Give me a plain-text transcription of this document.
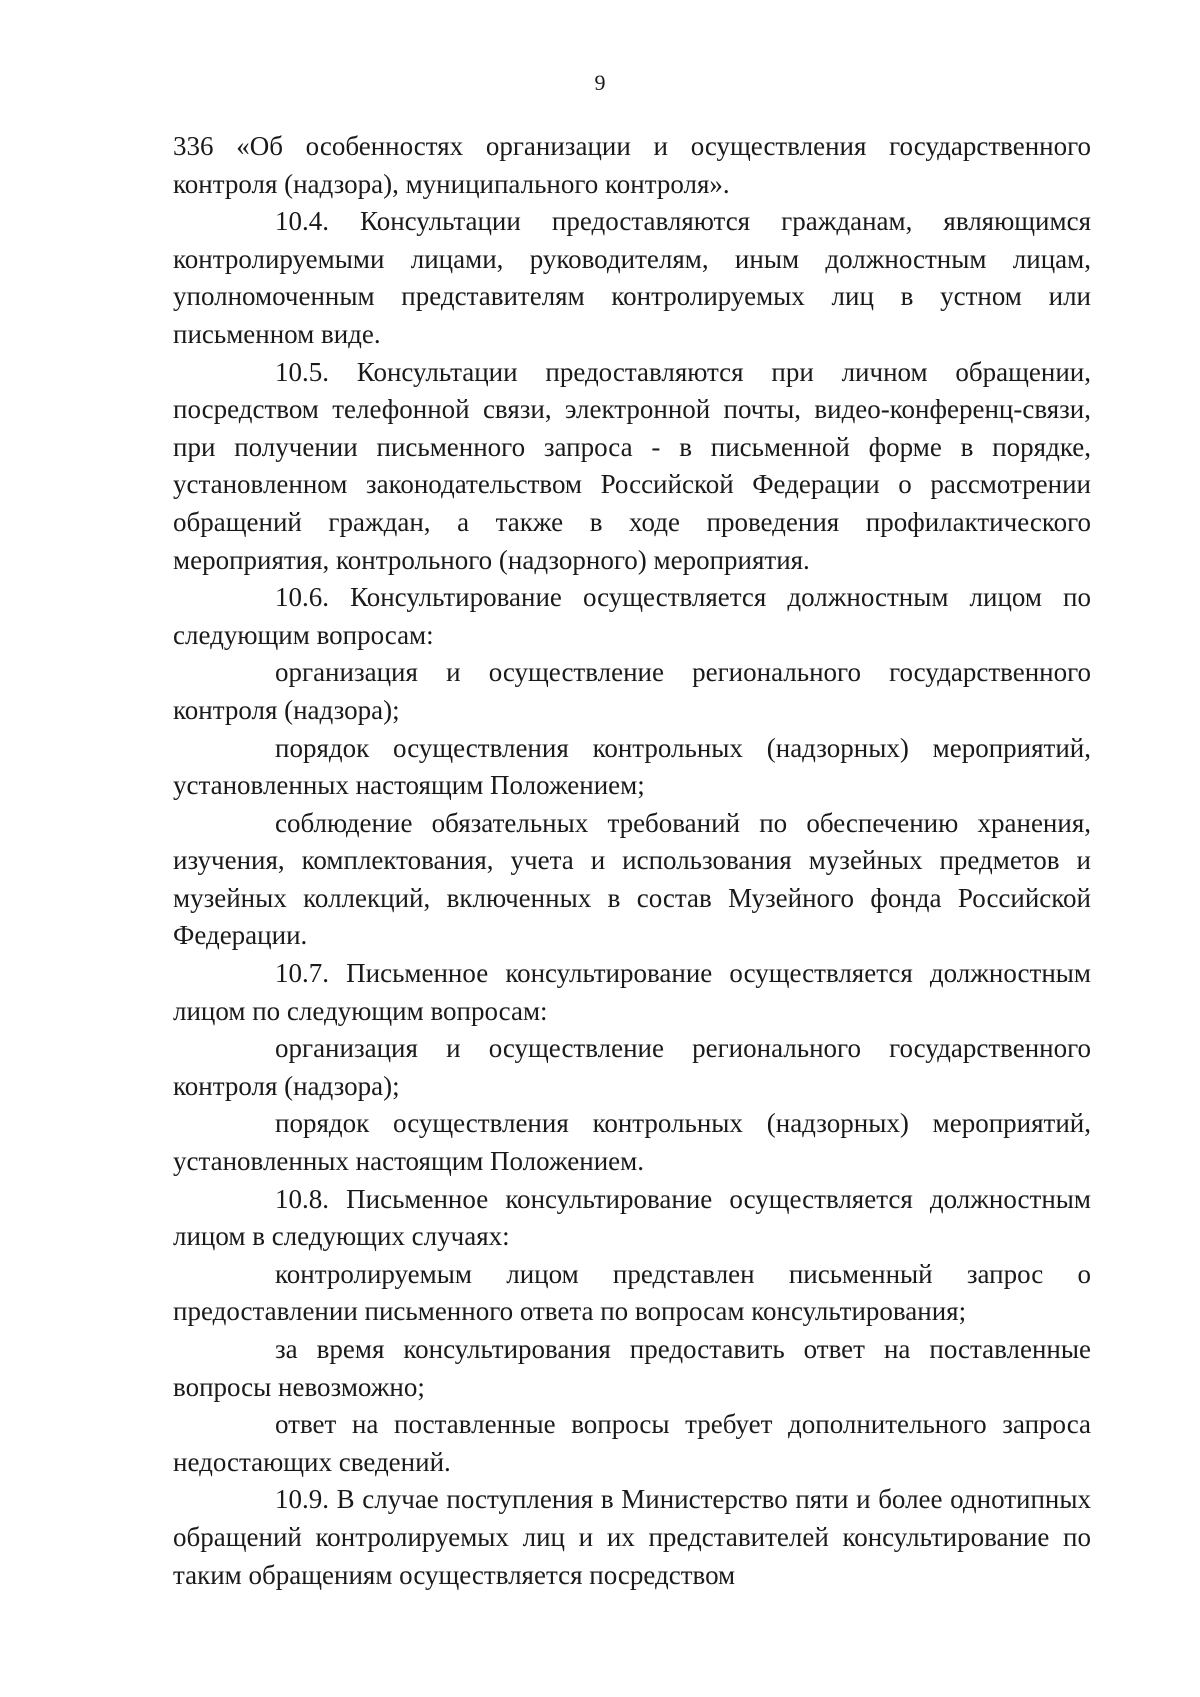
9

336 «Об особенностях организации и осуществления государственного контроля (надзора), муниципального контроля».

10.4. Консультации предоставляются гражданам, являющимся контролируемыми лицами, руководителям, иным должностным лицам, уполномоченным представителям контролируемых лиц в устном или письменном виде.

10.5. Консультации предоставляются при личном обращении, посредством телефонной связи, электронной почты, видео-конференц-связи, при получении письменного запроса - в письменной форме в порядке, установленном законодательством Российской Федерации о рассмотрении обращений граждан, а также в ходе проведения профилактического мероприятия, контрольного (надзорного) мероприятия.

10.6. Консультирование осуществляется должностным лицом по следующим вопросам:

организация и осуществление регионального государственного контроля (надзора);

порядок осуществления контрольных (надзорных) мероприятий, установленных настоящим Положением;

соблюдение обязательных требований по обеспечению хранения, изучения, комплектования, учета и использования музейных предметов и музейных коллекций, включенных в состав Музейного фонда Российской Федерации.

10.7. Письменное консультирование осуществляется должностным лицом по следующим вопросам:

организация и осуществление регионального государственного контроля (надзора);

порядок осуществления контрольных (надзорных) мероприятий, установленных настоящим Положением.

10.8. Письменное консультирование осуществляется должностным лицом в следующих случаях:

контролируемым лицом представлен письменный запрос о предоставлении письменного ответа по вопросам консультирования;

за время консультирования предоставить ответ на поставленные вопросы невозможно;

ответ на поставленные вопросы требует дополнительного запроса недостающих сведений.

10.9. В случае поступления в Министерство пяти и более однотипных обращений контролируемых лиц и их представителей консультирование по таким обращениям осуществляется посредством
